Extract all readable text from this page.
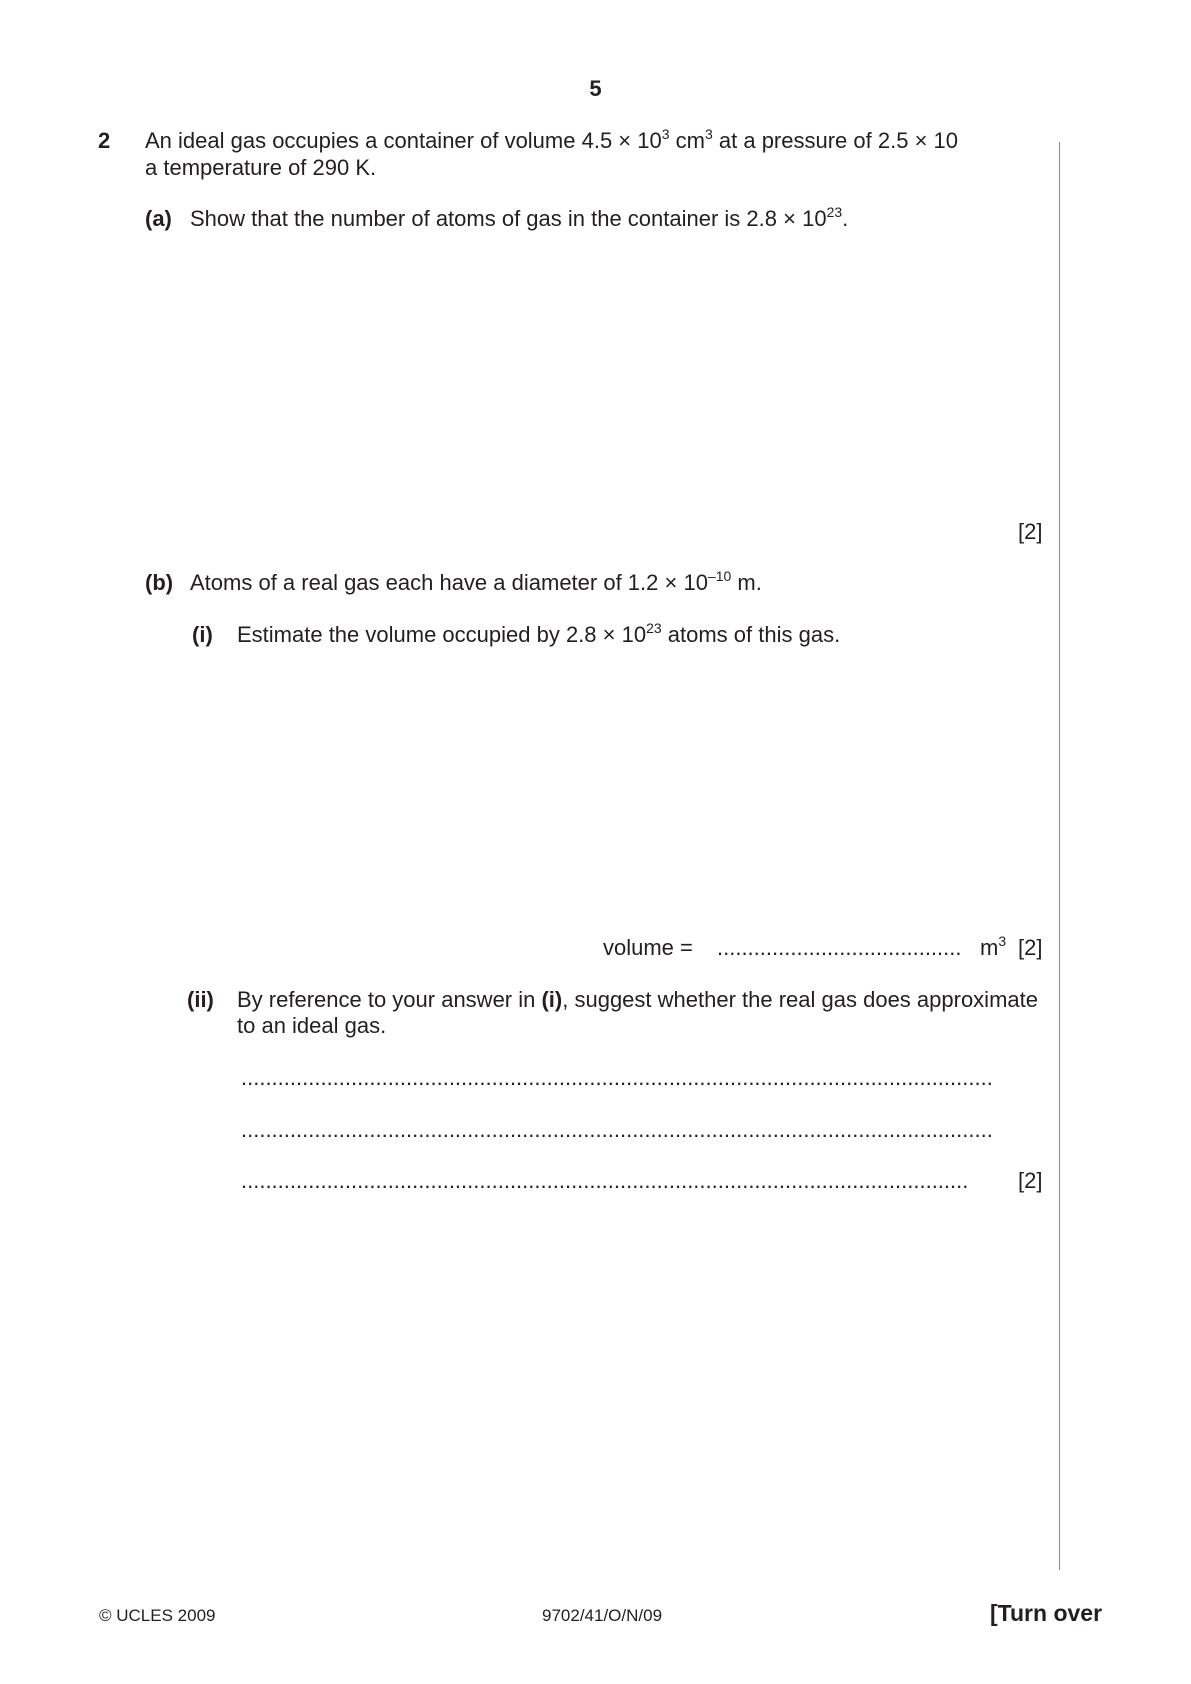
5
2 An ideal gas occupies a container of volume $4.5 \times 10^3$ $cm^3$ at a pressure of 2.5 × 10
a temperature of 290 K.
(a) Show that the number of atoms of gas in the container is $2.8 \times 10^{23}$.
[2]
(b) Atoms of a real gas each have a diameter of $1.2 \times 10^{-10}$ m.
(i) Estimate the volume occupied by $2.8 \times 10^{23}$ atoms of this gas.
volume = ........................................ $m^3$ [2]
(ii) By reference to your answer in (i), suggest whether the real gas does approximate
to an ideal gas.
...........................................................................................................................
...........................................................................................................................
....................................................................................................................... [2]
© UCLES 2009	9702/41/O/N/09	[Turn over
